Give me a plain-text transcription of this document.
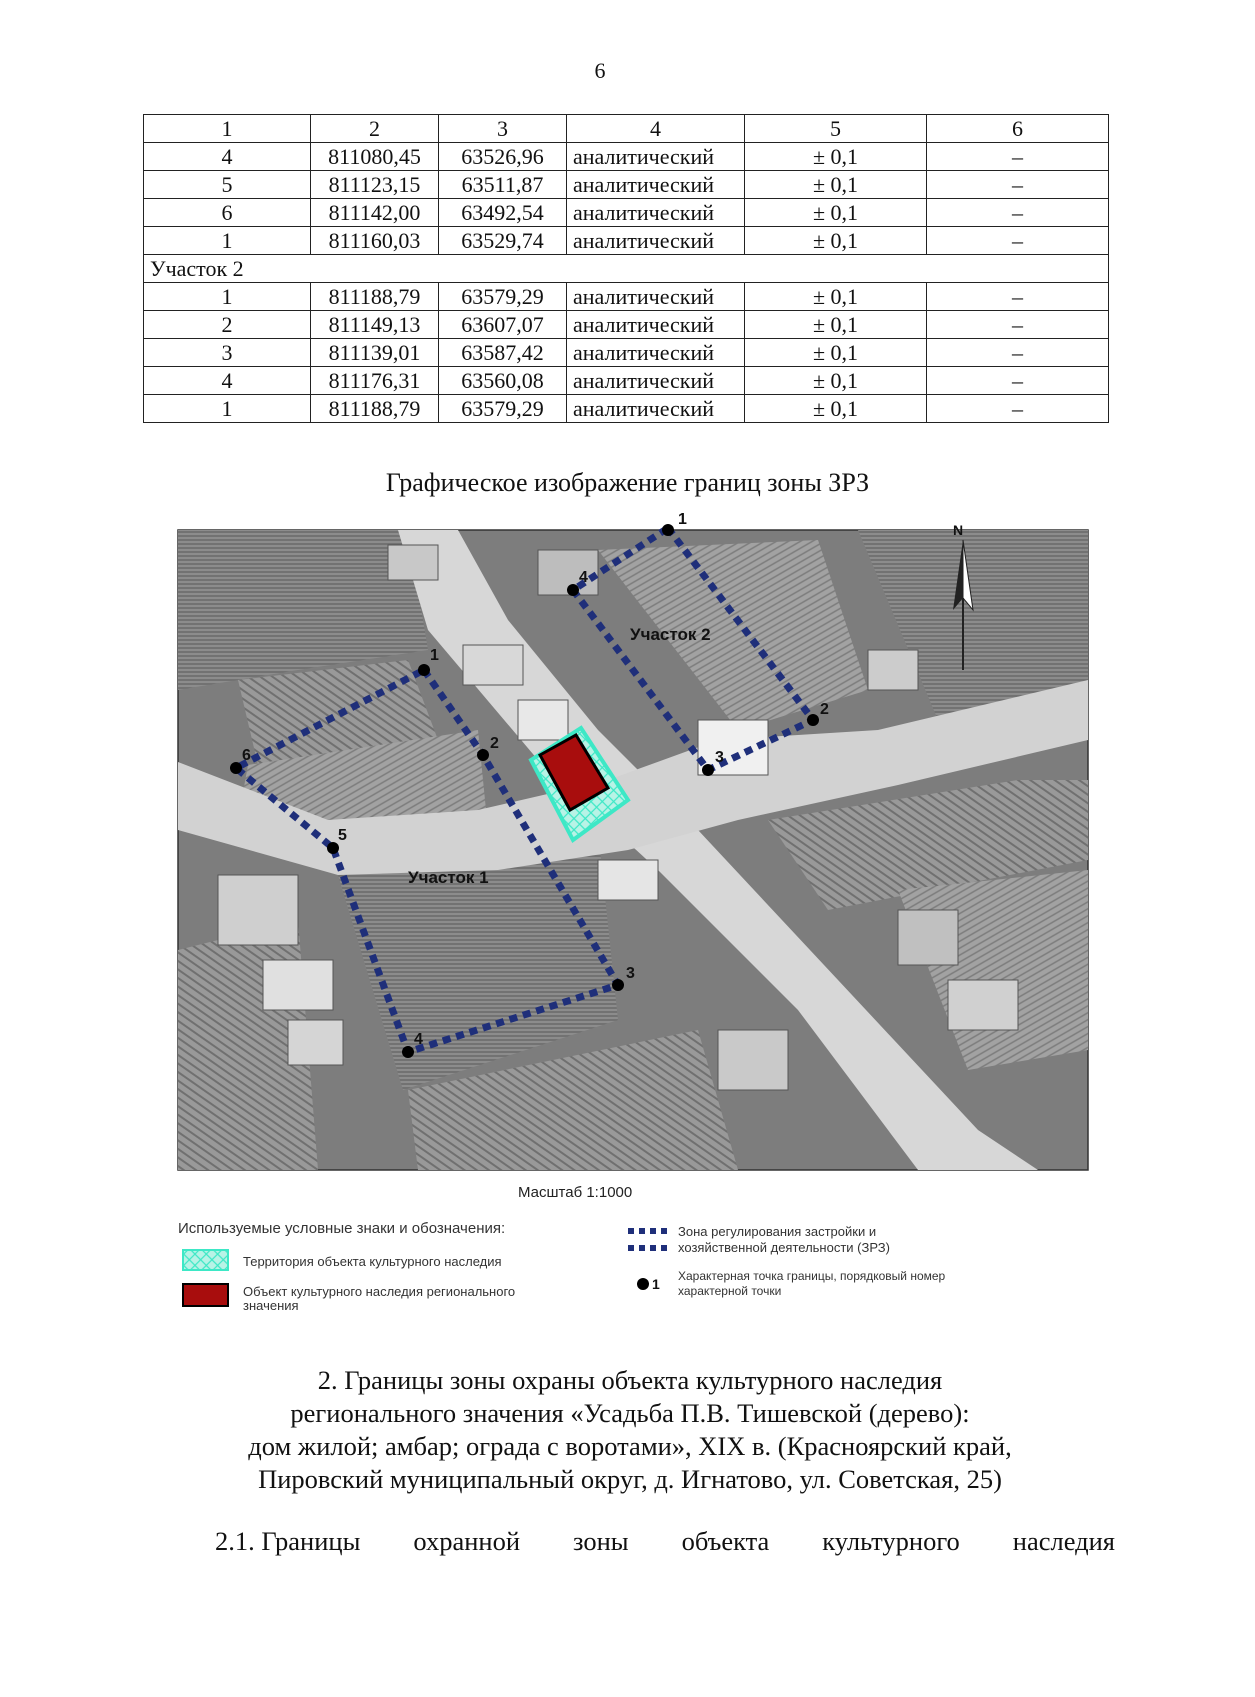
6
1	2	3	4	5	6
4	811080,45	63526,96	аналитический	± 0,1	–
5	811123,15	63511,87	аналитический	± 0,1	–
6	811142,00	63492,54	аналитический	± 0,1	–
1	811160,03	63529,74	аналитический	± 0,1	–
Участок 2					
1	811188,79	63579,29	аналитический	± 0,1	–
2	811149,13	63607,07	аналитический	± 0,1	–
3	811139,01	63587,42	аналитический	± 0,1	–
4	811176,31	63560,08	аналитический	± 0,1	–
1	811188,79	63579,29	аналитический	± 0,1	–
Графическое изображение границ зоны ЗРЗ
1
2
3
4
5
6
1
2
3
4
Участок 1
Участок 2
N
Масштаб 1:1000
Используемые условные знаки и обозначения:
Территория объекта культурного наследия
Объект культурного наследия регионального
значения
Зона регулирования застройки и
хозяйственной деятельности (ЗРЗ)
1 Характерная точка границы, порядковый номер
характерной точки
2. Границы зоны охраны объекта культурного наследия
регионального значения «Усадьба П.В. Тишевской (дерево):
дом жилой; амбар; ограда с воротами», XIX в. (Красноярский край,
Пировский муниципальный округ, д. Игнатово, ул. Советская, 25)
2.1. Границы охранной зоны объекта культурного наследия
